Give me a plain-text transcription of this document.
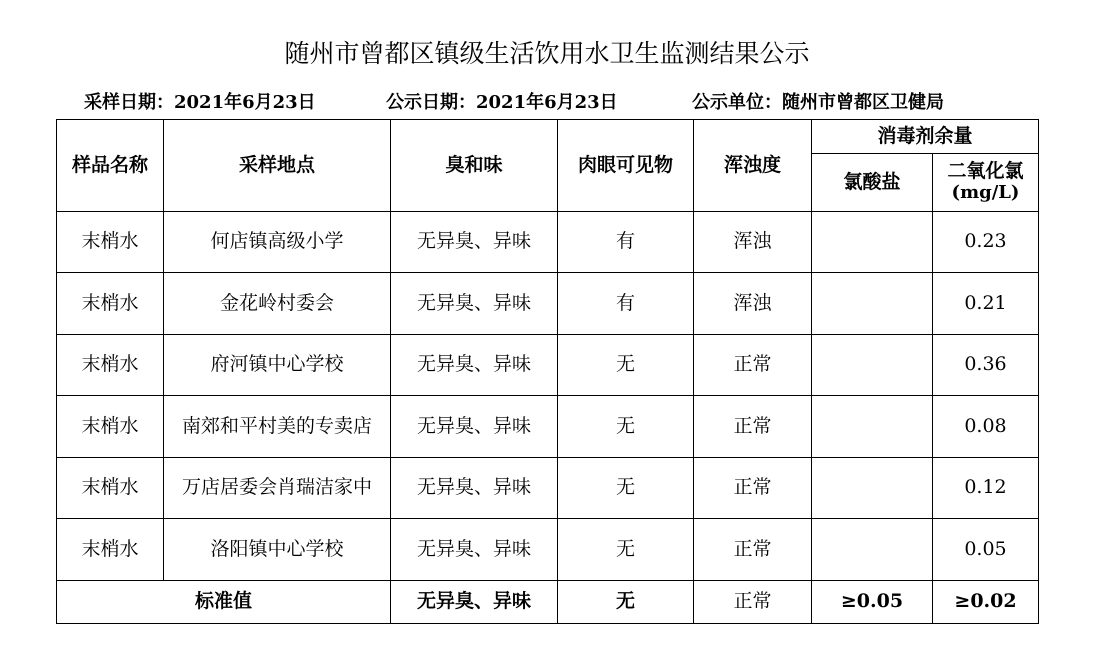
随州市曾都区镇级生活饮用水卫生监测结果公示
采样日期：2021年6月23日	公示日期：2021年6月23日	公示单位：随州市曾都区卫健局
样品名称	采样地点	臭和味	肉眼可见物	浑浊度	消毒剂余量	
					氯酸盐	二氧化氯
(mg/L)

末梢水	何店镇高级小学	无异臭、异味	有	浑浊		0.23
末梢水	金花岭村委会	无异臭、异味	有	浑浊		0.21
末梢水	府河镇中心学校	无异臭、异味	无	正常		0.36
末梢水	南郊和平村美的专卖店	无异臭、异味	无	正常		0.08
末梢水	万店居委会肖瑞洁家中	无异臭、异味	无	正常		0.12
末梢水	洛阳镇中心学校	无异臭、异味	无	正常		0.05
标准值		无异臭、异味	无	正常	≥0.05	≥0.02
